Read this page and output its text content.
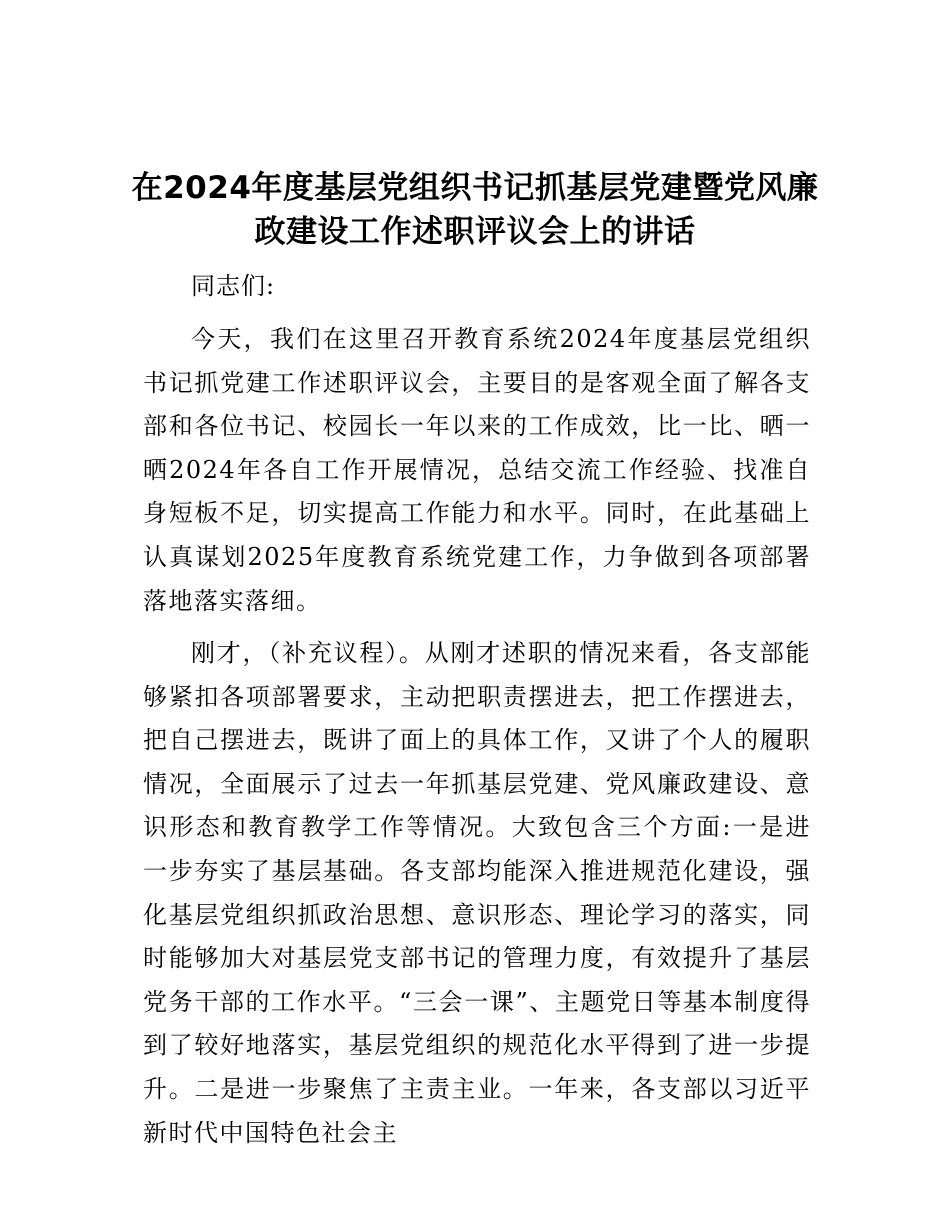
在2024年度基层党组织书记抓基层党建暨党风廉政建设工作述职评议会上的讲话

同志们:

今天，我们在这里召开教育系统2024年度基层党组织书记抓党建工作述职评议会，主要目的是客观全面了解各支部和各位书记、校园长一年以来的工作成效，比一比、晒一晒2024年各自工作开展情况，总结交流工作经验、找准自身短板不足，切实提高工作能力和水平。同时，在此基础上认真谋划2025年度教育系统党建工作，力争做到各项部署落地落实落细。

刚才，（补充议程）。从刚才述职的情况来看，各支部能够紧扣各项部署要求，主动把职责摆进去，把工作摆进去，把自己摆进去，既讲了面上的具体工作，又讲了个人的履职情况，全面展示了过去一年抓基层党建、党风廉政建设、意识形态和教育教学工作等情况。大致包含三个方面:一是进一步夯实了基层基础。各支部均能深入推进规范化建设，强化基层党组织抓政治思想、意识形态、理论学习的落实，同时能够加大对基层党支部书记的管理力度，有效提升了基层党务干部的工作水平。“三会一课”、主题党日等基本制度得到了较好地落实，基层党组织的规范化水平得到了进一步提升。二是进一步聚焦了主责主业。一年来，各支部以习近平新时代中国特色社会主
